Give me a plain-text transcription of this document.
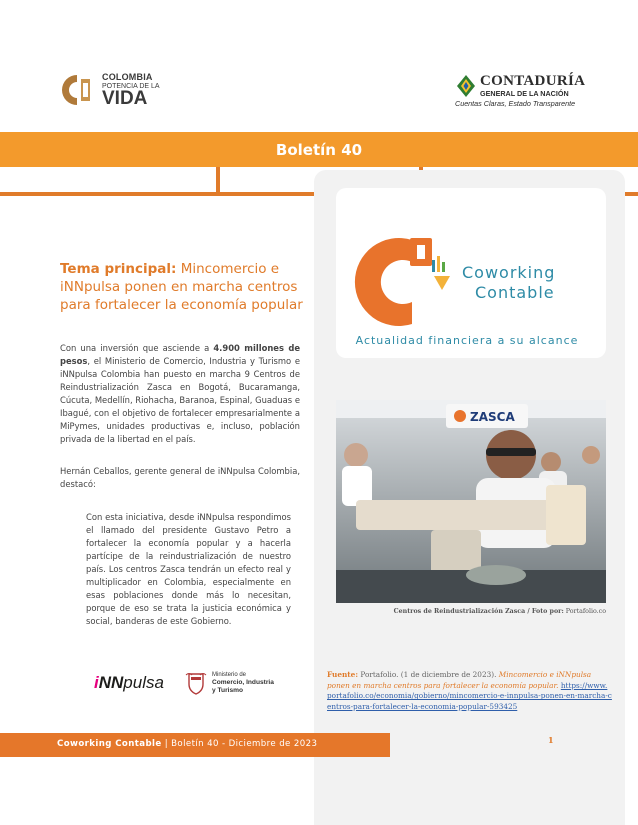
COLOMBIA
POTENCIA DE LA
VIDA
CONTADURÍA
GENERAL DE LA NACIÓN
Cuentas Claras, Estado Transparente
Boletín 40
Coworking
Contable
Actualidad financiera a su alcance
ZASCA
Centros de Reindustrialización Zasca / Foto por: Portafolio.co
Fuente: Portafolio. (1 de diciembre de 2023). Mincomercio e iNNpulsa ponen en marcha centros para fortalecer la economía popular. https://www.portafolio.co/economia/gobierno/mincomercio-e-innpulsa-ponen-en-marcha-centros-para-fortalecer-la-economia-popular-593425
Tema principal: Mincomercio e iNNpulsa ponen en marcha centros para fortalecer la economía popular

Con una inversión que asciende a 4.900 millones de pesos, el Ministerio de Comercio, Industria y Turismo e iNNpulsa Colombia han puesto en marcha 9 Centros de Reindustrialización Zasca en Bogotá, Bucaramanga, Cúcuta, Medellín, Riohacha, Baranoa, Espinal, Guaduas e Ibagué, con el objetivo de fortalecer empresarialmente a MiPymes, unidades productivas e, incluso, población privada de la libertad en el país.

Hernán Ceballos, gerente general de iNNpulsa Colombia, destacó:

Con esta iniciativa, desde iNNpulsa respondimos el llamado del presidente Gustavo Petro a fortalecer la economía popular y a hacerla partícipe de la reindustrialización de nuestro país. Los centros Zasca tendrán un efecto real y multiplicador en Colombia, especialmente en esas poblaciones donde más lo necesitan, porque de eso se trata la justicia económica y social, banderas de este Gobierno.

iNNpulsa	Ministerio de
Comercio, Industria
y Turismo
Coworking Contable | Boletín 40 - Diciembre de 2023	1
